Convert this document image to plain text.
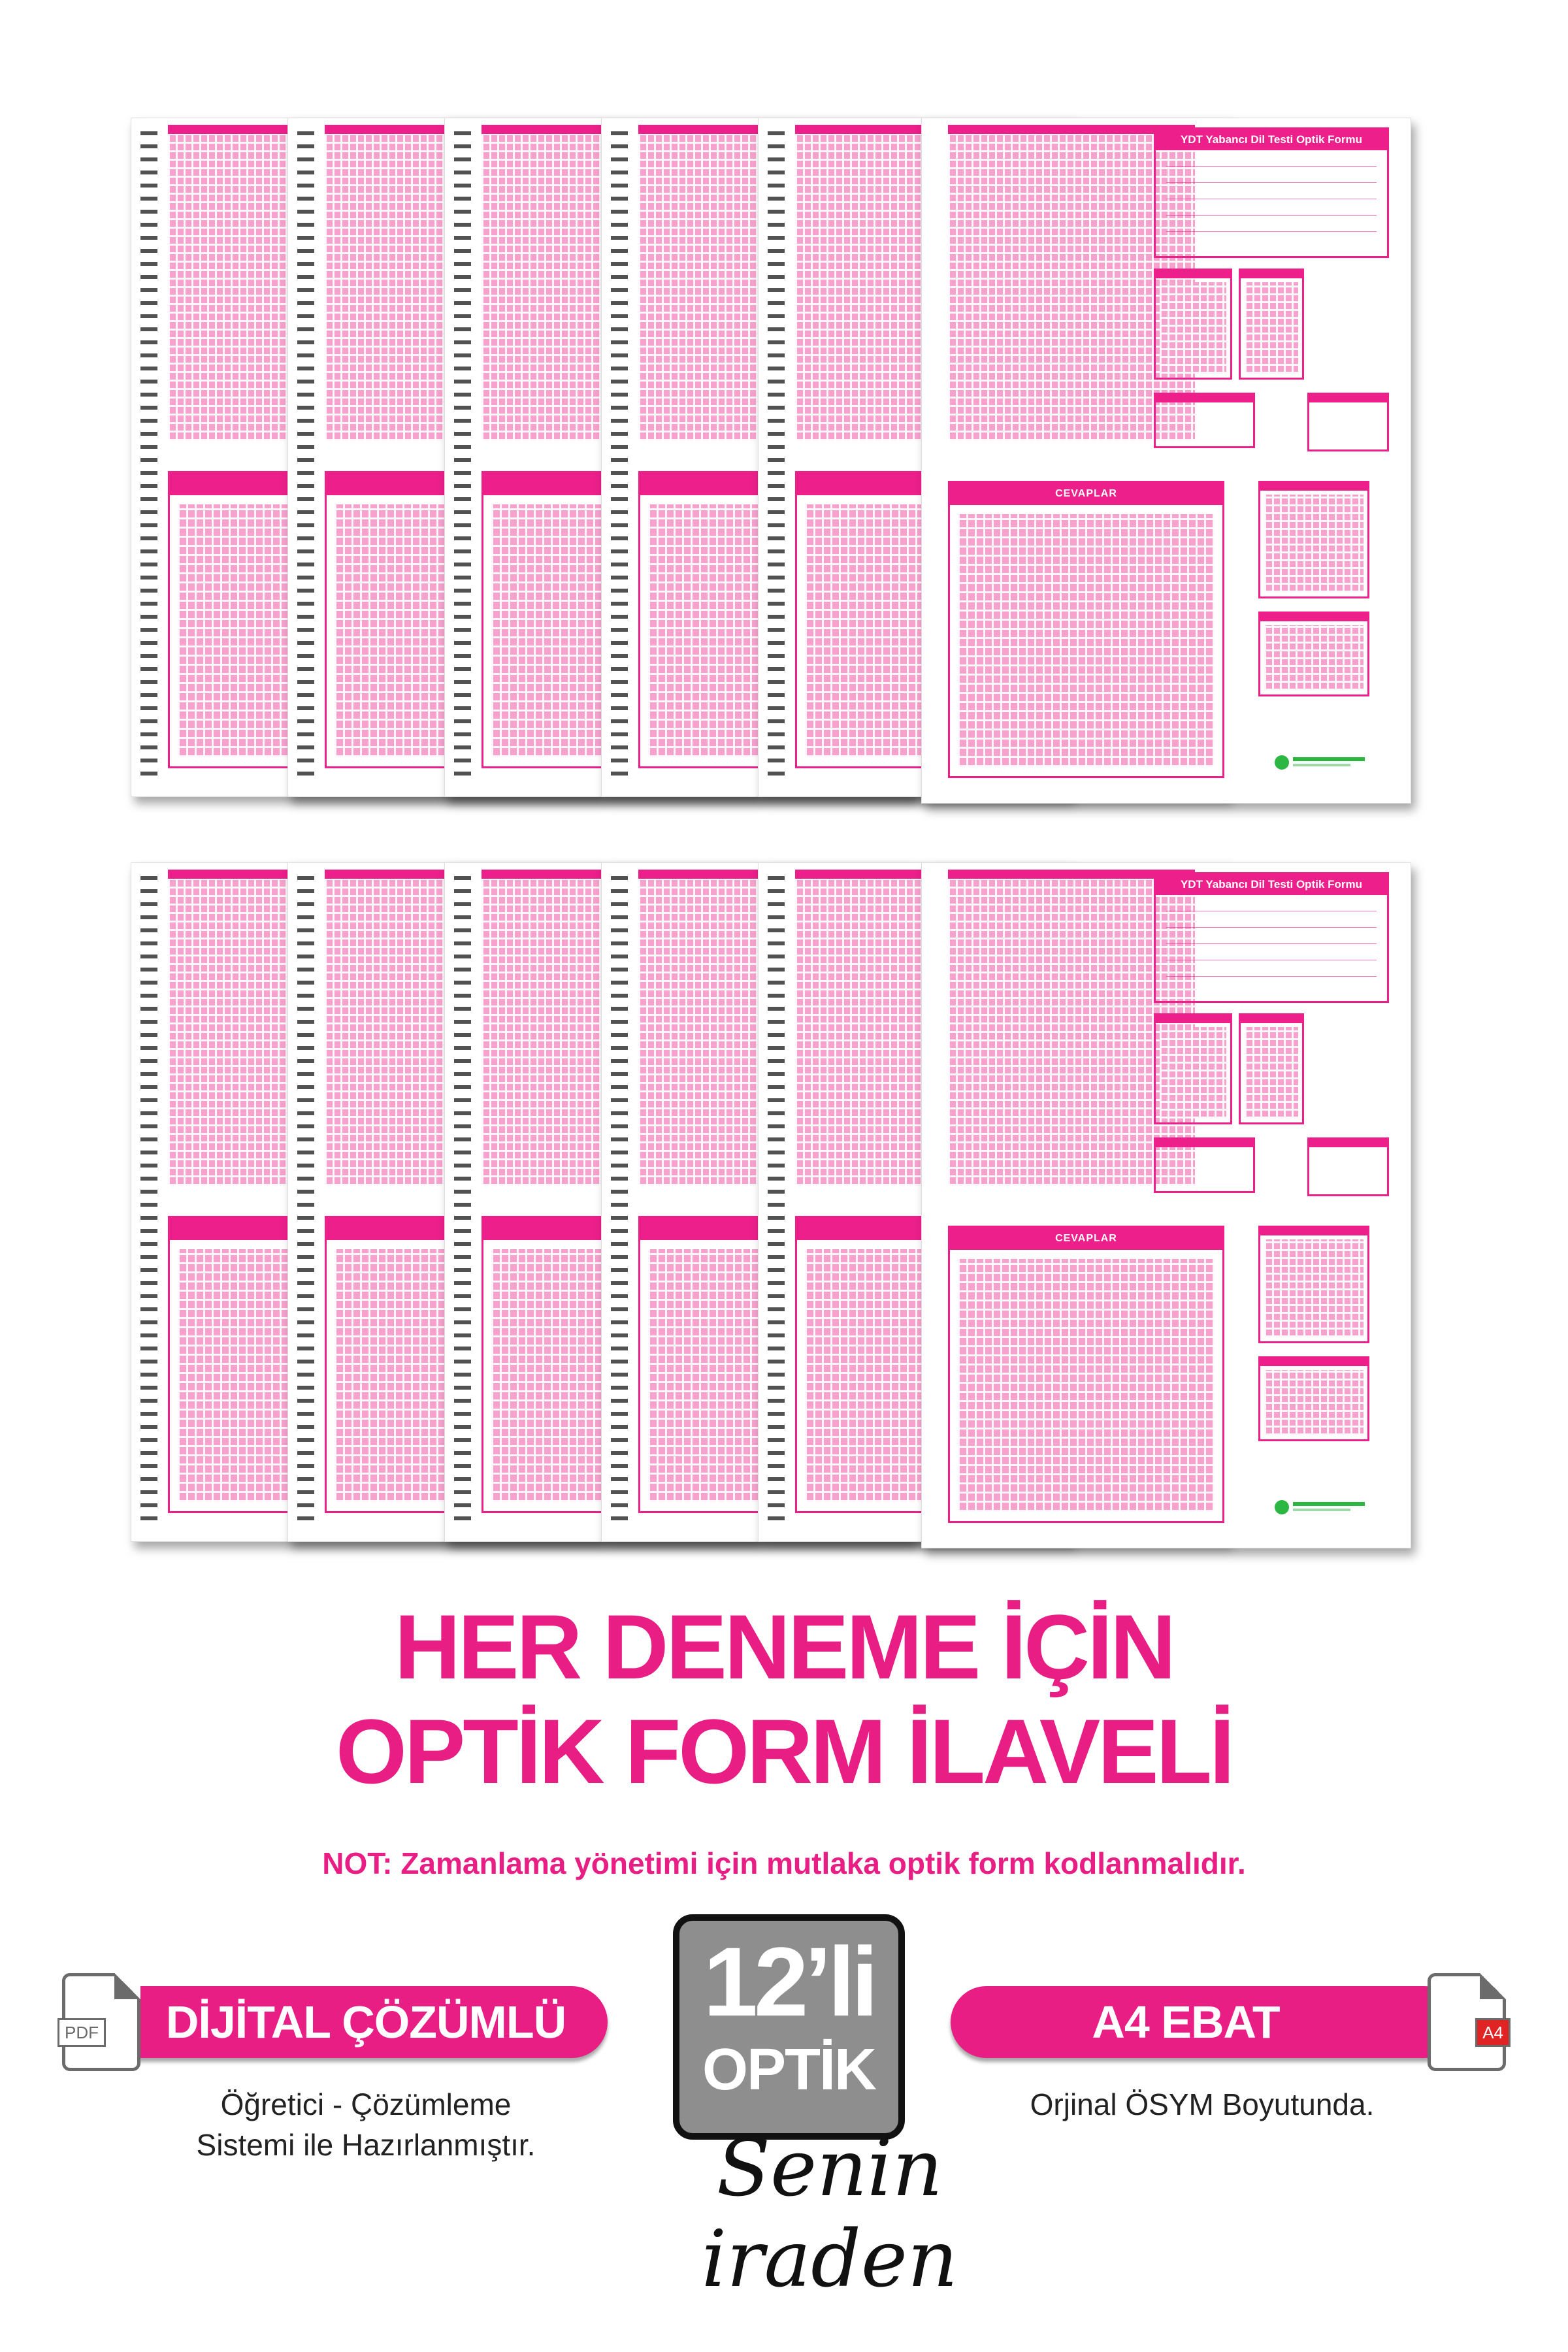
YDT Yabancı Dil Testi Optik Formu
CEVAPLAR
YDT Yabancı Dil Testi Optik Formu
CEVAPLAR
HER DENEME İÇİN
OPTİK FORM İLAVELİ
NOT: Zamanlama yönetimi için mutlaka optik form kodlanmalıdır.
DİJİTAL ÇÖZÜMLÜ
PDF
Öğretici - Çözümleme
Sistemi ile Hazırlanmıştır.
12’li
OPTİK
Senin iraden
A4 EBAT	A4
Orjinal ÖSYM Boyutunda.
